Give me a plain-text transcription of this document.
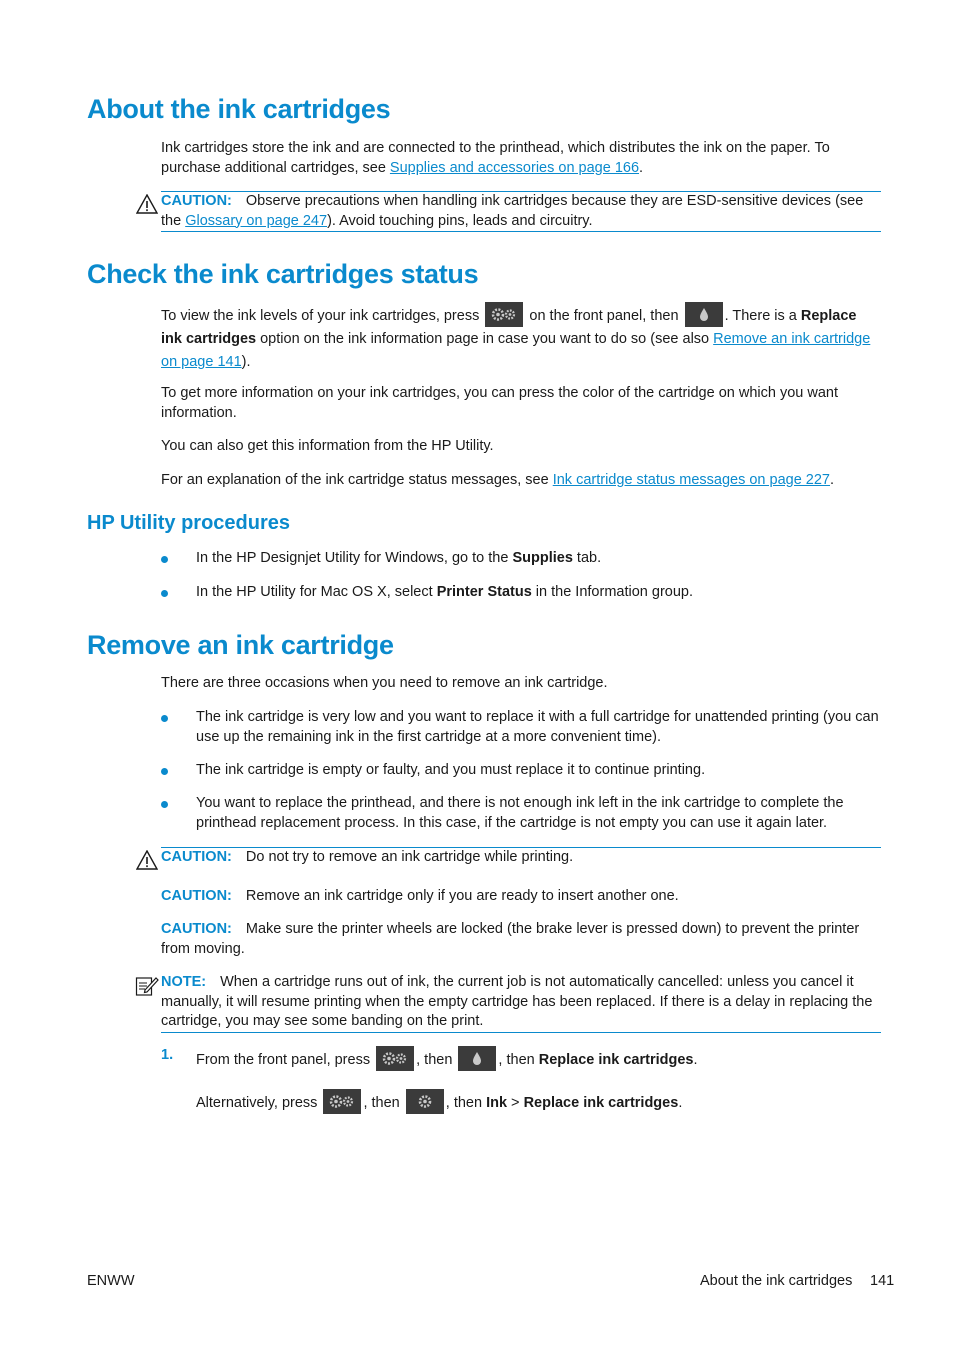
About the ink cartridges

Ink cartridges store the ink and are connected to the printhead, which distributes the ink on the paper. To purchase additional cartridges, see Supplies and accessories on page 166.

CAUTION: Observe precautions when handling ink cartridges because they are ESD-sensitive devices (see the Glossary on page 247). Avoid touching pins, leads and circuitry.

Check the ink cartridges status

To view the ink levels of your ink cartridges, press	on the front panel, then	. There is a Replace ink cartridges option on the ink information page in case you want to do so (see also Remove an ink cartridge on page 141).

To get more information on your ink cartridges, you can press the color of the cartridge on which you want information.

You can also get this information from the HP Utility.

For an explanation of the ink cartridge status messages, see Ink cartridge status messages on page 227.

HP Utility procedures
In the HP Designjet Utility for Windows, go to the Supplies tab.
In the HP Utility for Mac OS X, select Printer Status in the Information group.
Remove an ink cartridge

There are three occasions when you need to remove an ink cartridge.

The ink cartridge is very low and you want to replace it with a full cartridge for unattended printing (you can use up the remaining ink in the first cartridge at a more convenient time).
The ink cartridge is empty or faulty, and you must replace it to continue printing.
You want to replace the printhead, and there is not enough ink left in the ink cartridge to complete the printhead replacement process. In this case, if the cartridge is not empty you can use it again later.

CAUTION: Do not try to remove an ink cartridge while printing.

CAUTION: Remove an ink cartridge only if you are ready to insert another one.

CAUTION: Make sure the printer wheels are locked (the brake lever is pressed down) to prevent the printer from moving.

NOTE: When a cartridge runs out of ink, the current job is not automatically cancelled: unless you cancel it manually, it will resume printing when the empty cartridge has been replaced. If there is a delay in replacing the cartridge, you may see some banding on the print.

1. From the front panel, press	, then	, then Replace ink cartridges.

Alternatively, press	, then	, then Ink > Replace ink cartridges.

ENWW	About the ink cartridges 141
